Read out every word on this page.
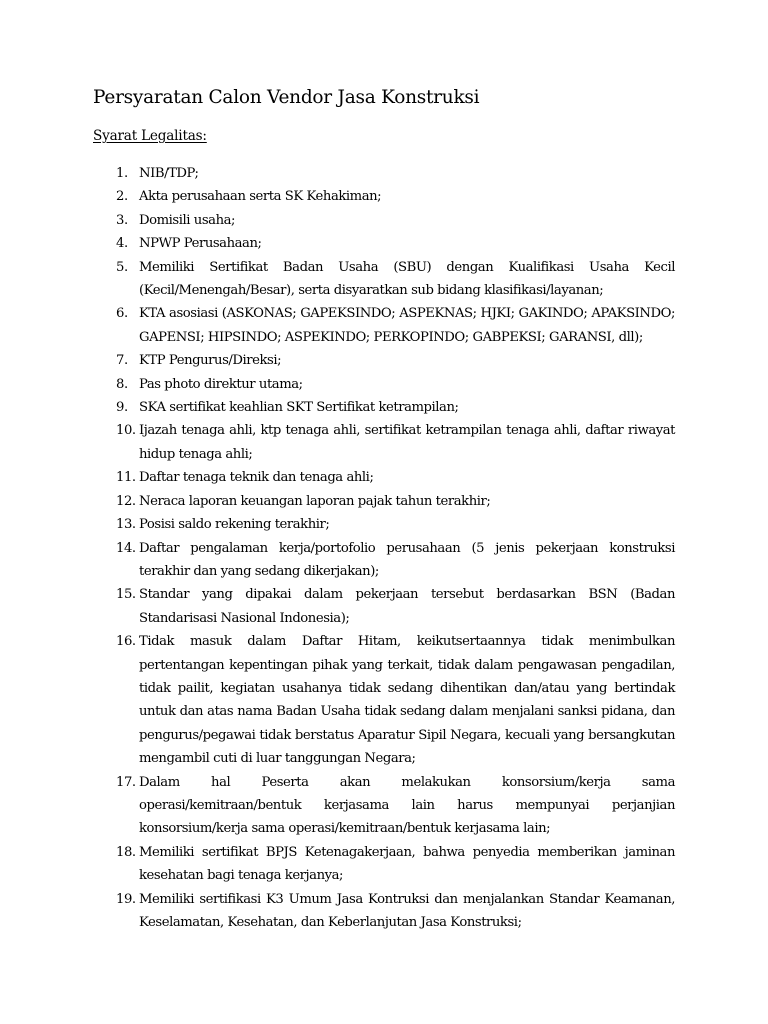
Persyaratan Calon Vendor Jasa Konstruksi
Syarat Legalitas:
1. NIB/TDP;
2. Akta perusahaan serta SK Kehakiman;
3. Domisili usaha;
4. NPWP Perusahaan;
5. Memiliki Sertifikat Badan Usaha (SBU) dengan Kualifikasi Usaha Kecil (Kecil/Menengah/Besar), serta disyaratkan sub bidang klasifikasi/layanan;
6. KTA asosiasi (ASKONAS; GAPEKSINDO; ASPEKNAS; HJKI; GAKINDO; APAKSINDO; GAPENSI; HIPSINDO; ASPEKINDO; PERKOPINDO; GABPEKSI; GARANSI, dll);
7. KTP Pengurus/Direksi;
8. Pas photo direktur utama;
9. SKA sertifikat keahlian SKT Sertifikat ketrampilan;
10. Ijazah tenaga ahli, ktp tenaga ahli, sertifikat ketrampilan tenaga ahli, daftar riwayat hidup tenaga ahli;
11. Daftar tenaga teknik dan tenaga ahli;
12. Neraca laporan keuangan laporan pajak tahun terakhir;
13. Posisi saldo rekening terakhir;
14. Daftar pengalaman kerja/portofolio perusahaan (5 jenis pekerjaan konstruksi terakhir dan yang sedang dikerjakan);
15. Standar yang dipakai dalam pekerjaan tersebut berdasarkan BSN (Badan Standarisasi Nasional Indonesia);
16. Tidak masuk dalam Daftar Hitam, keikutsertaannya tidak menimbulkan pertentangan kepentingan pihak yang terkait, tidak dalam pengawasan pengadilan, tidak pailit, kegiatan usahanya tidak sedang dihentikan dan/atau yang bertindak untuk dan atas nama Badan Usaha tidak sedang dalam menjalani sanksi pidana, dan pengurus/pegawai tidak berstatus Aparatur Sipil Negara, kecuali yang bersangkutan mengambil cuti di luar tanggungan Negara;
17. Dalam hal Peserta akan melakukan konsorsium/kerja sama operasi/kemitraan/bentuk kerjasama lain harus mempunyai perjanjian konsorsium/kerja sama operasi/kemitraan/bentuk kerjasama lain;
18. Memiliki sertifikat BPJS Ketenagakerjaan, bahwa penyedia memberikan jaminan kesehatan bagi tenaga kerjanya;
19. Memiliki sertifikasi K3 Umum Jasa Kontruksi dan menjalankan Standar Keamanan, Keselamatan, Kesehatan, dan Keberlanjutan Jasa Konstruksi;
